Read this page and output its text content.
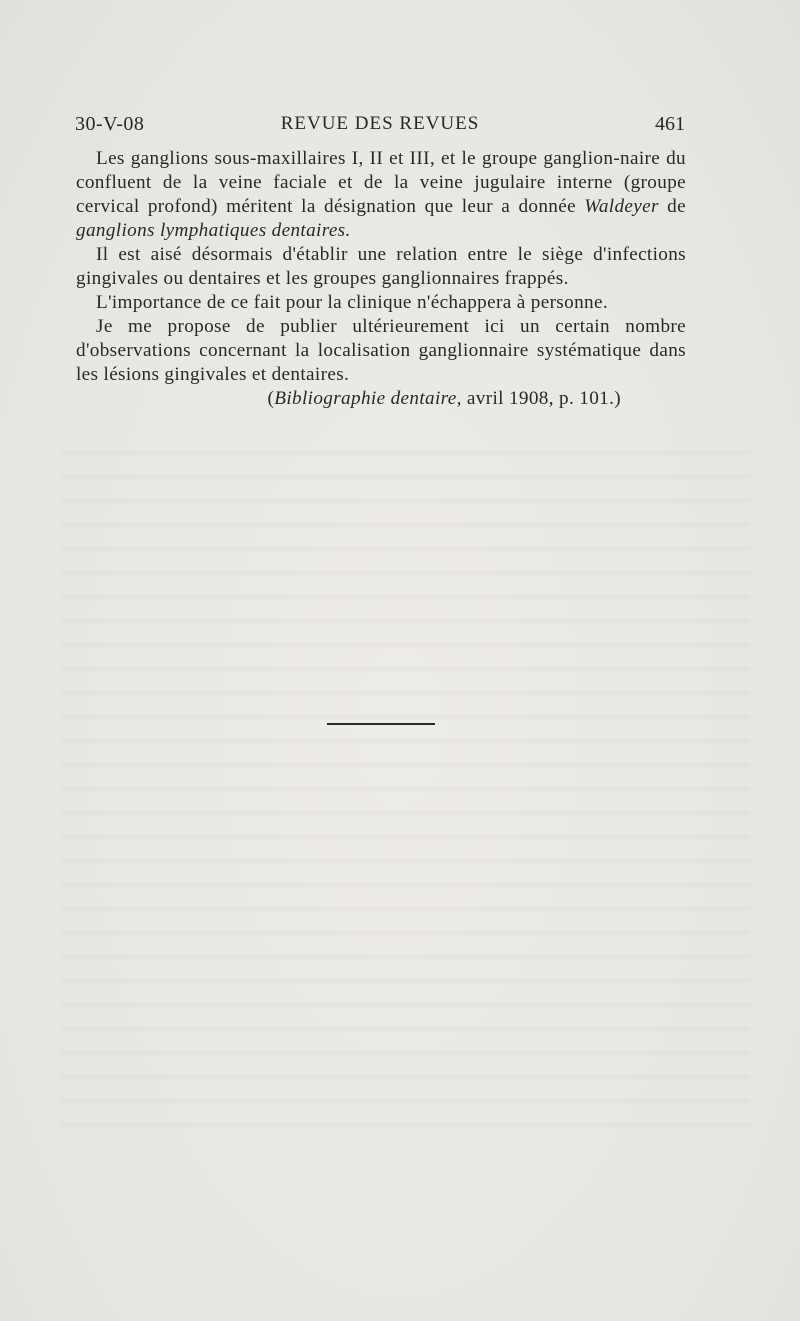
30-V-08	REVUE DES REVUES	461

Les ganglions sous-maxillaires I, II et III, et le groupe ganglion-naire du confluent de la veine faciale et de la veine jugulaire interne (groupe cervical profond) méritent la désignation que leur a donnée Waldeyer de ganglions lymphatiques dentaires.

Il est aisé désormais d'établir une relation entre le siège d'infections gingivales ou dentaires et les groupes ganglionnaires frappés.

L'importance de ce fait pour la clinique n'échappera à personne.

Je me propose de publier ultérieurement ici un certain nombre d'observations concernant la localisation ganglionnaire systématique dans les lésions gingivales et dentaires.

(Bibliographie dentaire, avril 1908, p. 101.)
